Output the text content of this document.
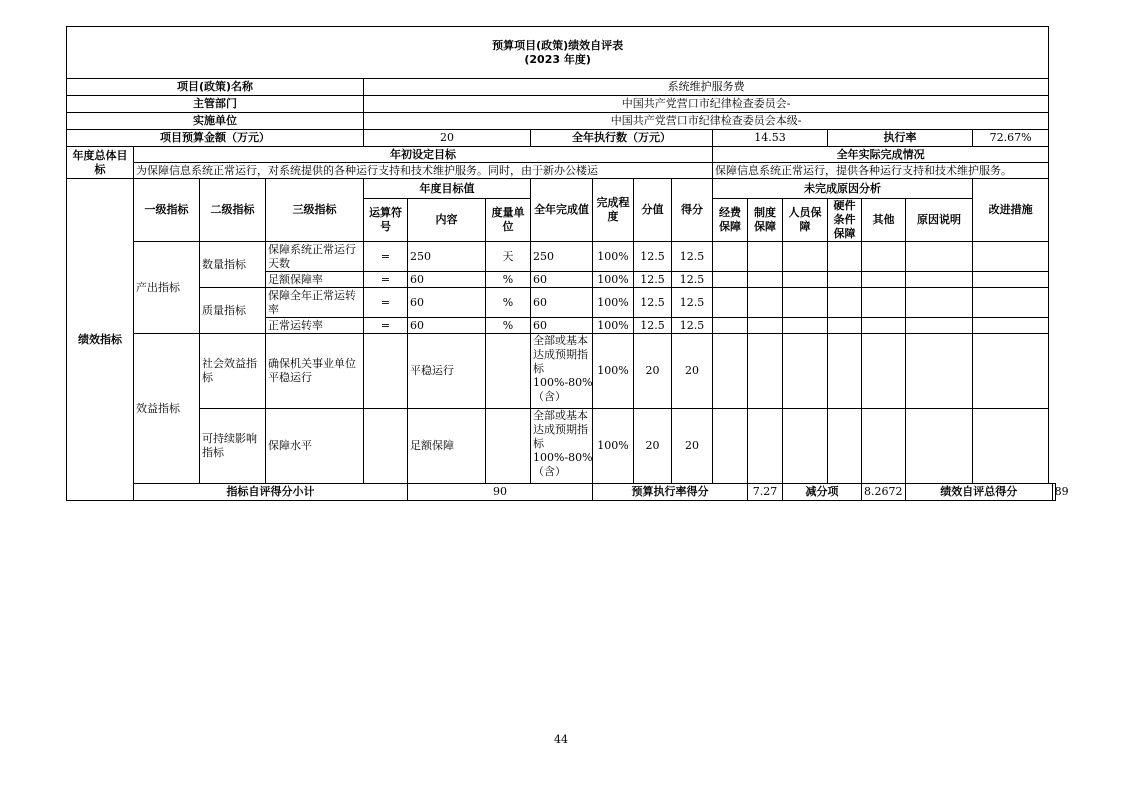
预算项目(政策)绩效自评表
(2023 年度)																		

项目(政策)名称				系统维护服务费														
主管部门				中国共产党营口市纪律检查委员会-														
实施单位				中国共产党营口市纪律检查委员会本级-														
项目预算金额（万元）				20			全年执行数（万元）				14.53			执行率			72.67%	
年度总体目标	年初设定目标										全年实际完成情况							
	为保障信息系统正常运行，对系统提供的各种运行支持和技术维护服务。同时，由于新办公楼运										保障信息系统正常运行，提供各种运行支持和技术维护服务。							
绩效指标	一级指标	二级指标	三级指标	年度目标值			全年完成值	完成程度	分值	得分	未完成原因分析						改进措施	
				运算符号	内容	度量单位					经费保障	制度保障	人员保障	硬件条件保障	其他	原因说明		
	产出指标	数量指标	保障系统正常运行天数	=	250	天	250	100%	12.5	12.5								
			足额保障率	=	60	%	60	100%	12.5	12.5								
		质量指标	保障全年正常运转率	=	60	%	60	100%	12.5	12.5								
			正常运转率	=	60	%	60	100%	12.5	12.5								
	效益指标	社会效益指标	确保机关事业单位平稳运行		平稳运行		全部或基本达成预期指标100%-80%（含）	100%	20	20								
		可持续影响指标	保障水平		足额保障		全部或基本达成预期指标100%-80%（含）	100%	20	20								
	指标自评得分小计				90			预算执行率得分				7.27	减分项		8.2672	绩效自评总得分		89
44
